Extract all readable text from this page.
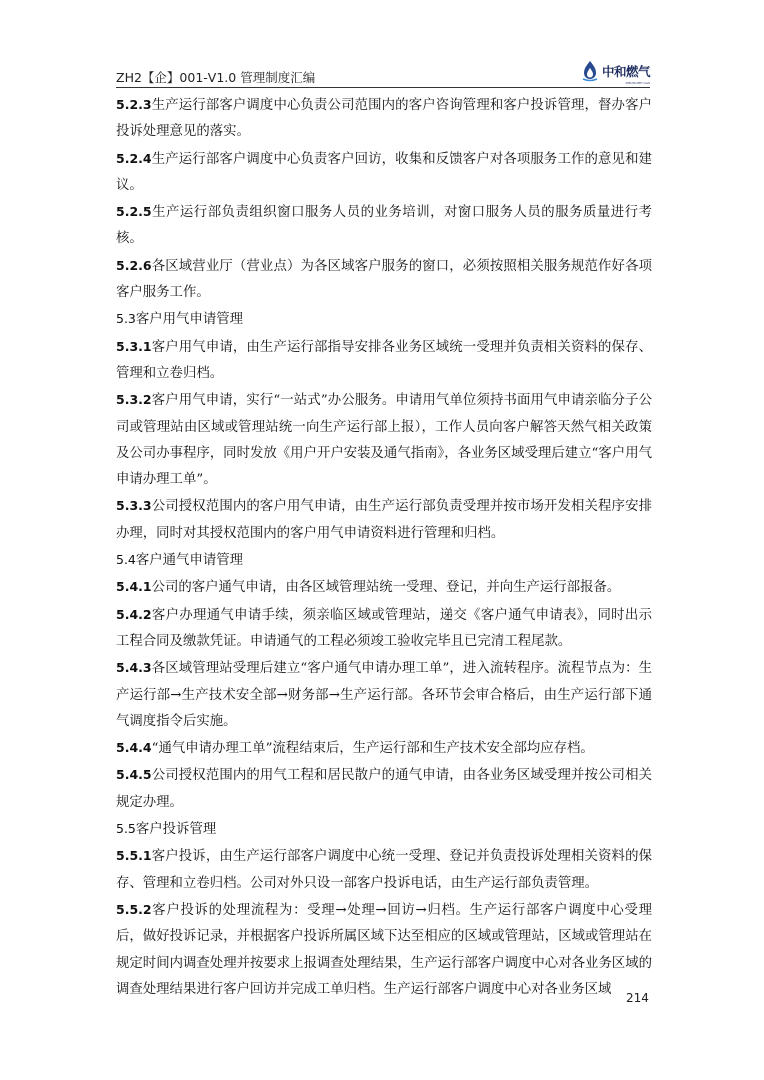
ZH2【企】001-V1.0 管理制度汇编	中和燃气
ZHONGHE GAS

5.2.3生产运行部客户调度中心负责公司范围内的客户咨询管理和客户投诉管理，督办客户投诉处理意见的落实。

5.2.4生产运行部客户调度中心负责客户回访，收集和反馈客户对各项服务工作的意见和建议。

5.2.5生产运行部负责组织窗口服务人员的业务培训，对窗口服务人员的服务质量进行考核。

5.2.6各区域营业厅（营业点）为各区域客户服务的窗口，必须按照相关服务规范作好各项客户服务工作。

5.3客户用气申请管理

5.3.1客户用气申请，由生产运行部指导安排各业务区域统一受理并负责相关资料的保存、管理和立卷归档。

5.3.2客户用气申请，实行“一站式”办公服务。申请用气单位须持书面用气申请亲临分子公司或管理站由区域或管理站统一向生产运行部上报），工作人员向客户解答天然气相关政策及公司办事程序，同时发放《用户开户安装及通气指南》，各业务区域受理后建立“客户用气申请办理工单”。

5.3.3公司授权范围内的客户用气申请，由生产运行部负责受理并按市场开发相关程序安排办理，同时对其授权范围内的客户用气申请资料进行管理和归档。

5.4客户通气申请管理

5.4.1公司的客户通气申请，由各区域管理站统一受理、登记，并向生产运行部报备。

5.4.2客户办理通气申请手续，须亲临区域或管理站，递交《客户通气申请表》，同时出示工程合同及缴款凭证。申请通气的工程必须竣工验收完毕且已完清工程尾款。

5.4.3各区域管理站受理后建立“客户通气申请办理工单”，进入流转程序。流程节点为：生产运行部→生产技术安全部→财务部→生产运行部。各环节会审合格后，由生产运行部下通气调度指令后实施。

5.4.4“通气申请办理工单”流程结束后，生产运行部和生产技术安全部均应存档。

5.4.5公司授权范围内的用气工程和居民散户的通气申请，由各业务区域受理并按公司相关规定办理。

5.5客户投诉管理

5.5.1客户投诉，由生产运行部客户调度中心统一受理、登记并负责投诉处理相关资料的保存、管理和立卷归档。公司对外只设一部客户投诉电话，由生产运行部负责管理。

5.5.2客户投诉的处理流程为：受理→处理→回访→归档。生产运行部客户调度中心受理后，做好投诉记录，并根据客户投诉所属区域下达至相应的区域或管理站，区域或管理站在规定时间内调查处理并按要求上报调查处理结果，生产运行部客户调度中心对各业务区域的调查处理结果进行客户回访并完成工单归档。生产运行部客户调度中心对各业务区域

214
